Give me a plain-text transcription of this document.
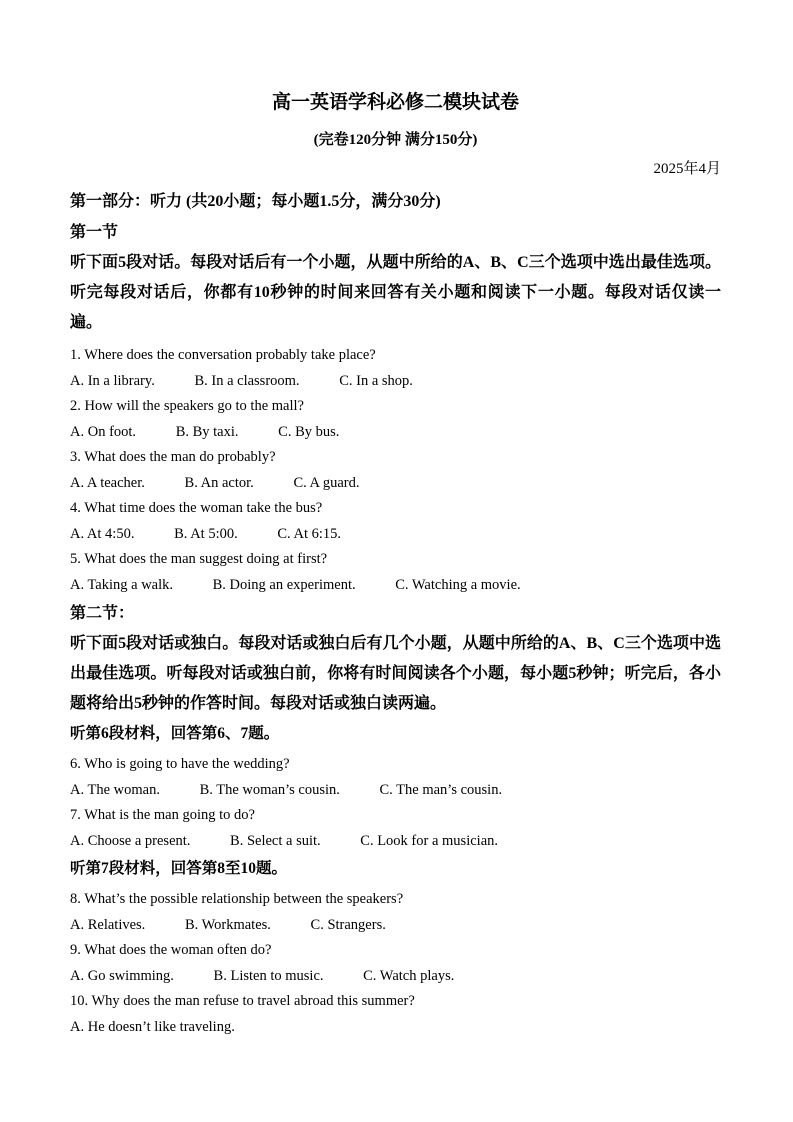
高一英语学科必修二模块试卷
(完卷120分钟 满分150分)
2025年4月
第一部分：听力 (共20小题；每小题1.5分，满分30分)
第一节

听下面5段对话。每段对话后有一个小题，从题中所给的A、B、C三个选项中选出最佳选项。听完每段对话后，你都有10秒钟的时间来回答有关小题和阅读下一小题。每段对话仅读一遍。

1. Where does the conversation probably take place?
A. In a library.	B. In a classroom.	C. In a shop.
2. How will the speakers go to the mall?
A. On foot.	B. By taxi.	C. By bus.
3. What does the man do probably?
A. A teacher.	B. An actor.	C. A guard.
4. What time does the woman take the bus?
A. At 4:50.	B. At 5:00.	C. At 6:15.
5. What does the man suggest doing at first?
A. Taking a walk.	B. Doing an experiment.	C. Watching a movie.
第二节：

听下面5段对话或独白。每段对话或独白后有几个小题，从题中所给的A、B、C三个选项中选出最佳选项。听每段对话或独白前，你将有时间阅读各个小题，每小题5秒钟；听完后，各小题将给出5秒钟的作答时间。每段对话或独白读两遍。

听第6段材料，回答第6、7题。
6. Who is going to have the wedding?
A. The woman.	B. The woman’s cousin.	C. The man’s cousin.
7. What is the man going to do?
A. Choose a present.	B. Select a suit.	C. Look for a musician.
听第7段材料，回答第8至10题。
8. What’s the possible relationship between the speakers?
A. Relatives.	B. Workmates.	C. Strangers.
9. What does the woman often do?
A. Go swimming.	B. Listen to music.	C. Watch plays.
10. Why does the man refuse to travel abroad this summer?
A. He doesn’t like traveling.
